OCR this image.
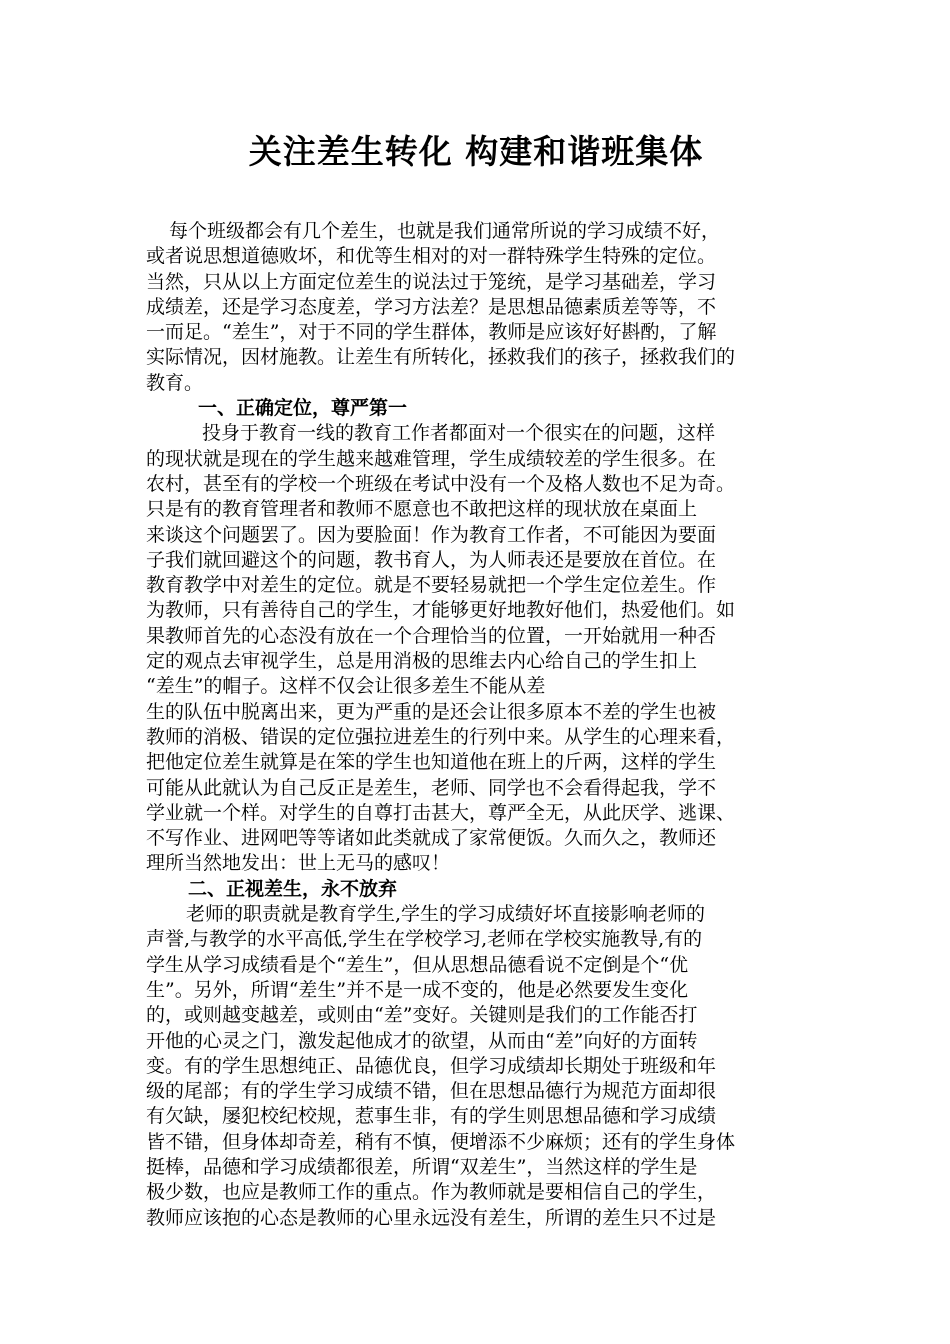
关注差生转化 构建和谐班集体
每个班级都会有几个差生，也就是我们通常所说的学习成绩不好，
或者说思想道德败坏，和优等生相对的对一群特殊学生特殊的定位。
当然，只从以上方面定位差生的说法过于笼统，是学习基础差，学习
成绩差，还是学习态度差，学习方法差？是思想品德素质差等等，不
一而足。“差生”，对于不同的学生群体，教师是应该好好斟酌，了解
实际情况，因材施教。让差生有所转化，拯救我们的孩子，拯救我们的
教育。
一、正确定位，尊严第一
投身于教育一线的教育工作者都面对一个很实在的问题，这样
的现状就是现在的学生越来越难管理，学生成绩较差的学生很多。在
农村，甚至有的学校一个班级在考试中没有一个及格人数也不足为奇。
只是有的教育管理者和教师不愿意也不敢把这样的现状放在桌面上
来谈这个问题罢了。因为要脸面！作为教育工作者，不可能因为要面
子我们就回避这个的问题，教书育人，为人师表还是要放在首位。在
教育教学中对差生的定位。就是不要轻易就把一个学生定位差生。作
为教师，只有善待自己的学生，才能够更好地教好他们，热爱他们。如
果教师首先的心态没有放在一个合理恰当的位置，一开始就用一种否
定的观点去审视学生，总是用消极的思维去内心给自己的学生扣上
“差生”的帽子。这样不仅会让很多差生不能从差
生的队伍中脱离出来，更为严重的是还会让很多原本不差的学生也被
教师的消极、错误的定位强拉进差生的行列中来。从学生的心理来看，
把他定位差生就算是在笨的学生也知道他在班上的斤两，这样的学生
可能从此就认为自己反正是差生，老师、同学也不会看得起我，学不
学业就一个样。对学生的自尊打击甚大，尊严全无，从此厌学、逃课、
不写作业、进网吧等等诸如此类就成了家常便饭。久而久之，教师还
理所当然地发出：世上无马的感叹！
二、正视差生，永不放弃
老师的职责就是教育学生,学生的学习成绩好坏直接影响老师的
声誉,与教学的水平高低,学生在学校学习,老师在学校实施教导,有的
学生从学习成绩看是个“差生”，但从思想品德看说不定倒是个“优
生”。另外，所谓“差生”并不是一成不变的，他是必然要发生变化
的，或则越变越差，或则由“差”变好。关键则是我们的工作能否打
开他的心灵之门，激发起他成才的欲望，从而由“差”向好的方面转
变。有的学生思想纯正、品德优良，但学习成绩却长期处于班级和年
级的尾部；有的学生学习成绩不错，但在思想品德行为规范方面却很
有欠缺，屡犯校纪校规，惹事生非，有的学生则思想品德和学习成绩
皆不错，但身体却奇差，稍有不慎，便增添不少麻烦；还有的学生身体
挺棒，品德和学习成绩都很差，所谓“双差生”，当然这样的学生是
极少数，也应是教师工作的重点。作为教师就是要相信自己的学生，
教师应该抱的心态是教师的心里永远没有差生，所谓的差生只不过是
